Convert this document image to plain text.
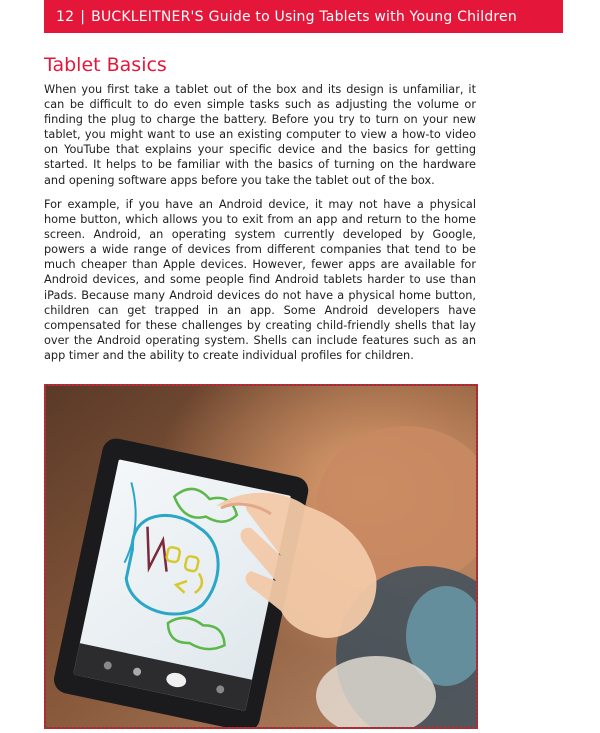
12 | BUCKLEITNER'S Guide to Using Tablets with Young Children
Tablet Basics

When you first take a tablet out of the box and its design is unfamiliar, it can be difficult to do even simple tasks such as adjusting the volume or finding the plug to charge the battery. Before you try to turn on your new tablet, you might want to use an existing computer to view a how-to video on YouTube that explains your specific device and the basics for getting started. It helps to be familiar with the basics of turning on the hardware and opening software apps before you take the tablet out of the box.

For example, if you have an Android device, it may not have a physical home button, which allows you to exit from an app and return to the home screen. Android, an operating system currently developed by Google, powers a wide range of devices from different companies that tend to be much cheaper than Apple devices. However, fewer apps are available for Android devices, and some people find Android tablets harder to use than iPads. Because many Android devices do not have a physical home button, children can get trapped in an app. Some Android developers have compensated for these challenges by creating child-friendly shells that lay over the Android operating system. Shells can include features such as an app timer and the ability to create individual profiles for children.
